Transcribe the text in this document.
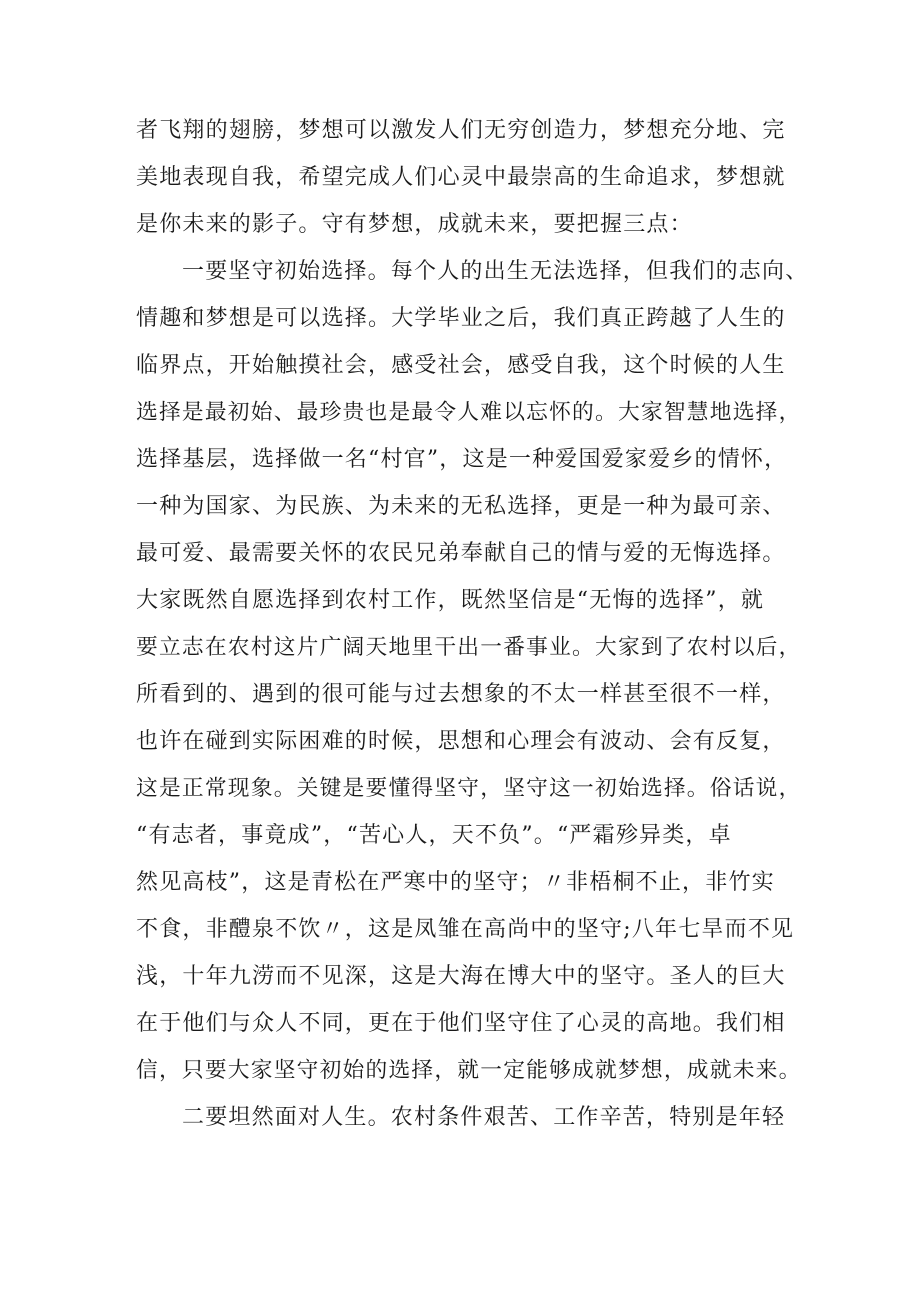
者飞翔的翅膀，梦想可以激发人们无穷创造力，梦想充分地、完
美地表现自我，希望完成人们心灵中最崇高的生命追求，梦想就
是你未来的影子。守有梦想，成就未来，要把握三点：
一要坚守初始选择。每个人的出生无法选择，但我们的志向、
情趣和梦想是可以选择。大学毕业之后，我们真正跨越了人生的
临界点，开始触摸社会，感受社会，感受自我，这个时候的人生
选择是最初始、最珍贵也是最令人难以忘怀的。大家智慧地选择，
选择基层，选择做一名“村官”，这是一种爱国爱家爱乡的情怀，
一种为国家、为民族、为未来的无私选择，更是一种为最可亲、
最可爱、最需要关怀的农民兄弟奉献自己的情与爱的无悔选择。
大家既然自愿选择到农村工作，既然坚信是“无悔的选择”，就
要立志在农村这片广阔天地里干出一番事业。大家到了农村以后，
所看到的、遇到的很可能与过去想象的不太一样甚至很不一样，
也许在碰到实际困难的时候，思想和心理会有波动、会有反复，
这是正常现象。关键是要懂得坚守，坚守这一初始选择。俗话说，
“有志者，事竟成”，“苦心人，天不负”。“严霜殄异类，卓
然见高枝”，这是青松在严寒中的坚守；〃非梧桐不止，非竹实
不食，非醴泉不饮〃，这是凤雏在高尚中的坚守;八年七旱而不见
浅，十年九涝而不见深，这是大海在博大中的坚守。圣人的巨大
在于他们与众人不同，更在于他们坚守住了心灵的高地。我们相
信，只要大家坚守初始的选择，就一定能够成就梦想，成就未来。
二要坦然面对人生。农村条件艰苦、工作辛苦，特别是年轻
